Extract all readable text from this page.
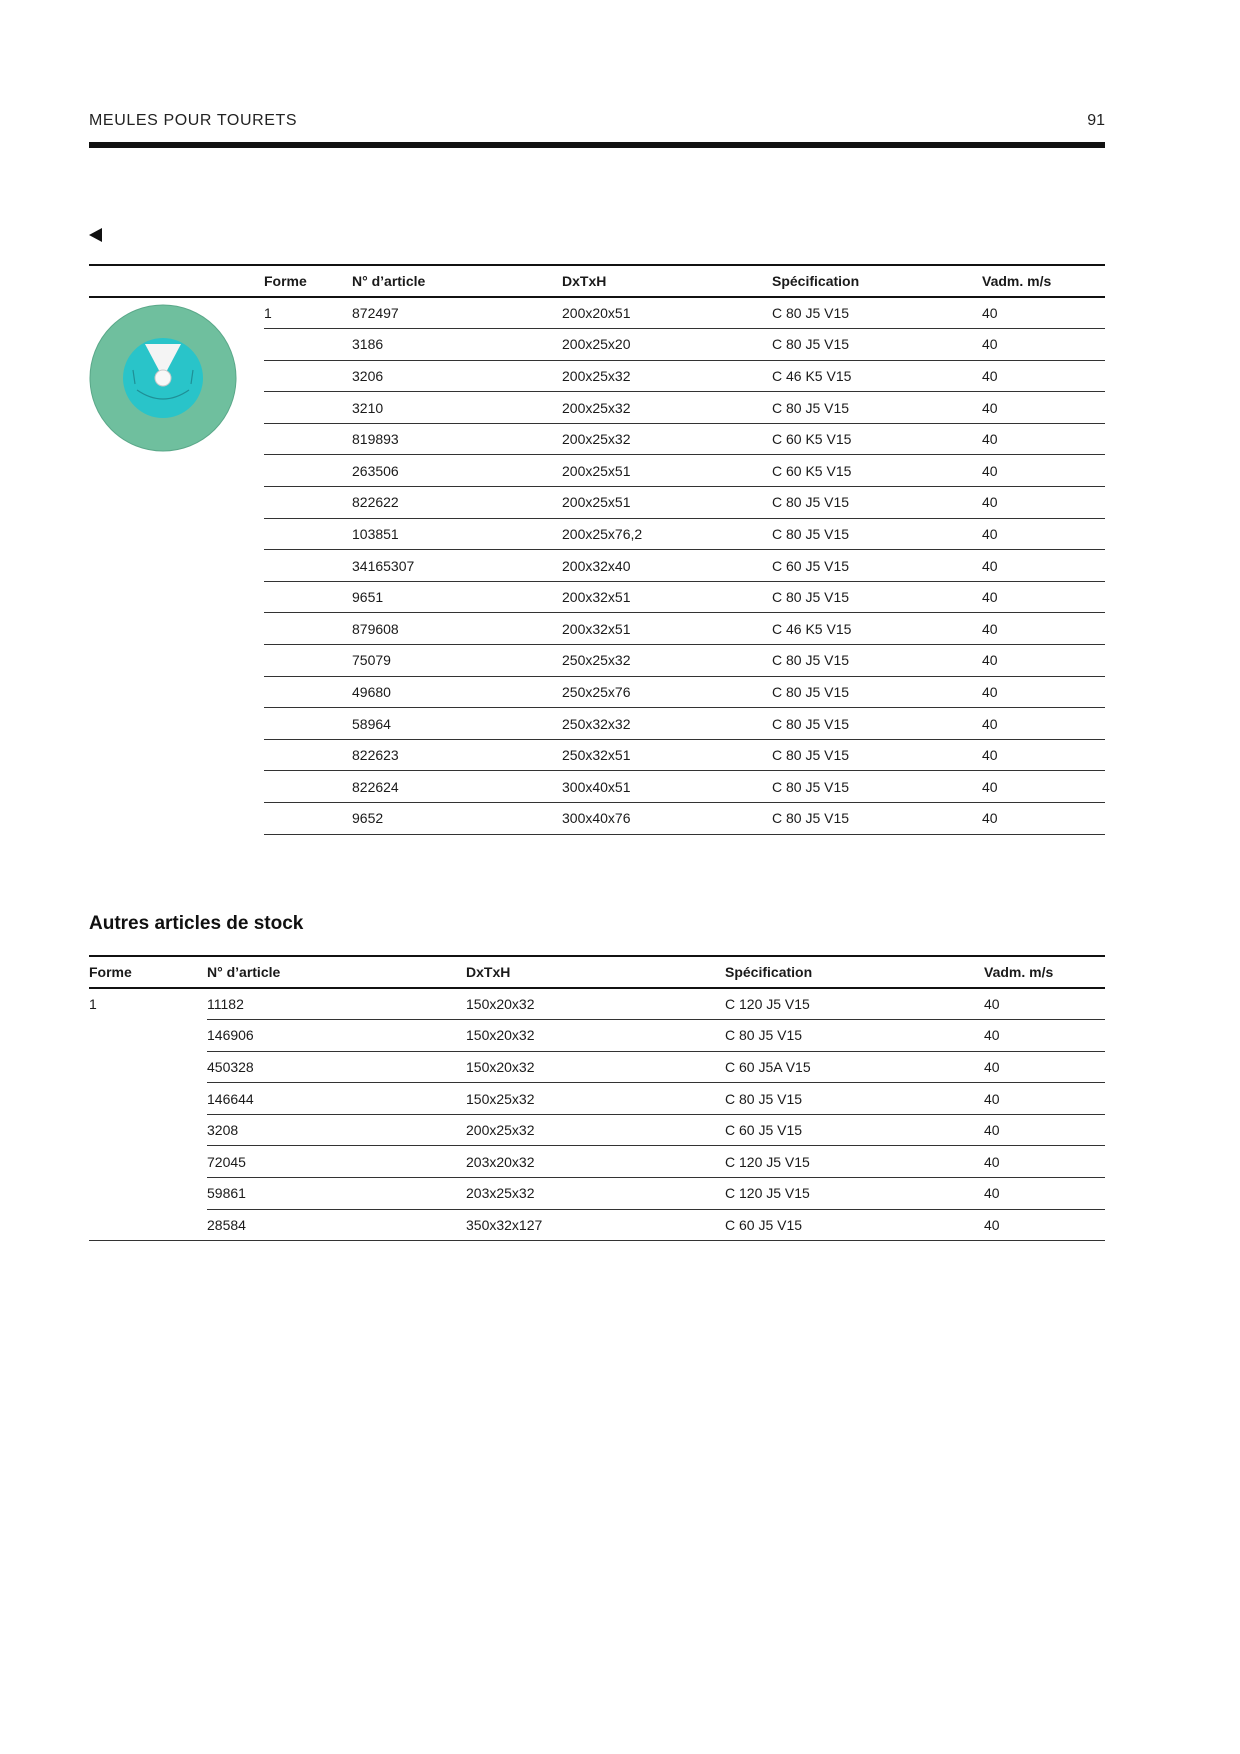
MEULES POUR TOURETS	91
	Forme	N° d’article	DxTxH	Spécification	Vadm. m/s

	1	872497	200x20x51	C 80 J5 V15	40
		3186	200x25x20	C 80 J5 V15	40
		3206	200x25x32	C 46 K5 V15	40
		3210	200x25x32	C 80 J5 V15	40
		819893	200x25x32	C 60 K5 V15	40
		263506	200x25x51	C 60 K5 V15	40
		822622	200x25x51	C 80 J5 V15	40
		103851	200x25x76,2	C 80 J5 V15	40
		34165307	200x32x40	C 60 J5 V15	40
		9651	200x32x51	C 80 J5 V15	40
		879608	200x32x51	C 46 K5 V15	40
		75079	250x25x32	C 80 J5 V15	40
		49680	250x25x76	C 80 J5 V15	40
		58964	250x32x32	C 80 J5 V15	40
		822623	250x32x51	C 80 J5 V15	40
		822624	300x40x51	C 80 J5 V15	40
		9652	300x40x76	C 80 J5 V15	40
Autres articles de stock
Forme	N° d’article	DxTxH	Spécification	Vadm. m/s
1	11182	150x20x32	C 120 J5 V15	40
	146906	150x20x32	C 80 J5 V15	40
	450328	150x20x32	C 60 J5A V15	40
	146644	150x25x32	C 80 J5 V15	40
	3208	200x25x32	C 60 J5 V15	40
	72045	203x20x32	C 120 J5 V15	40
	59861	203x25x32	C 120 J5 V15	40
	28584	350x32x127	C 60 J5 V15	40
